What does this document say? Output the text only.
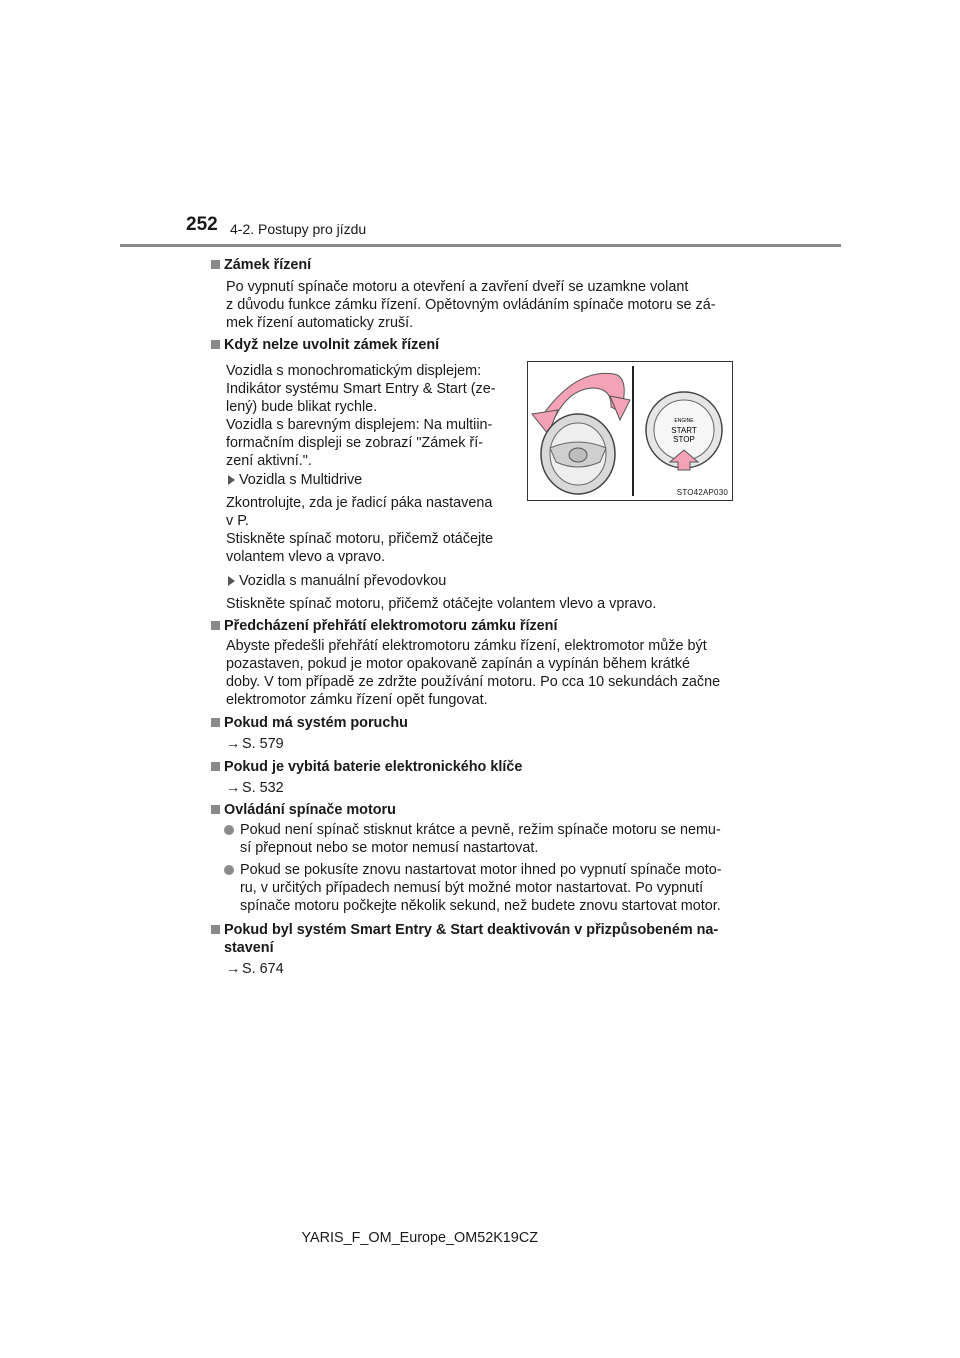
252 4-2. Postupy pro jízdu
Zámek řízení
Po vypnutí spínače motoru a otevření a zavření dveří se uzamkne volant
z důvodu funkce zámku řízení. Opětovným ovládáním spínače motoru se zá-
mek řízení automaticky zruší.
Když nelze uvolnit zámek řízení
Vozidla s monochromatickým displejem:
Indikátor systému Smart Entry & Start (ze-
lený) bude blikat rychle.
Vozidla s barevným displejem: Na multiin-
formačním displeji se zobrazí "Zámek ří-
zení aktivní.".
Vozidla s Multidrive
Zkontrolujte, zda je řadicí páka nastavena
v P.
Stiskněte spínač motoru, přičemž otáčejte
volantem vlevo a vpravo.
Vozidla s manuální převodovkou
Stiskněte spínač motoru, přičemž otáčejte volantem vlevo a vpravo.
ENGINE
START
STOP
STO42AP030
Předcházení přehřátí elektromotoru zámku řízení
Abyste předešli přehřátí elektromotoru zámku řízení, elektromotor může být
pozastaven, pokud je motor opakovaně zapínán a vypínán během krátké
doby. V tom případě ze zdržte používání motoru. Po cca 10 sekundách začne
elektromotor zámku řízení opět fungovat.
Pokud má systém poruchu
→ S. 579
Pokud je vybitá baterie elektronického klíče
→ S. 532
Ovládání spínače motoru
Pokud není spínač stisknut krátce a pevně, režim spínače motoru se nemu-
sí přepnout nebo se motor nemusí nastartovat.
Pokud se pokusíte znovu nastartovat motor ihned po vypnutí spínače moto-
ru, v určitých případech nemusí být možné motor nastartovat. Po vypnutí
spínače motoru počkejte několik sekund, než budete znovu startovat motor.
Pokud byl systém Smart Entry & Start deaktivován v přizpůsobeném na-
stavení
→ S. 674
YARIS_F_OM_Europe_OM52K19CZ
